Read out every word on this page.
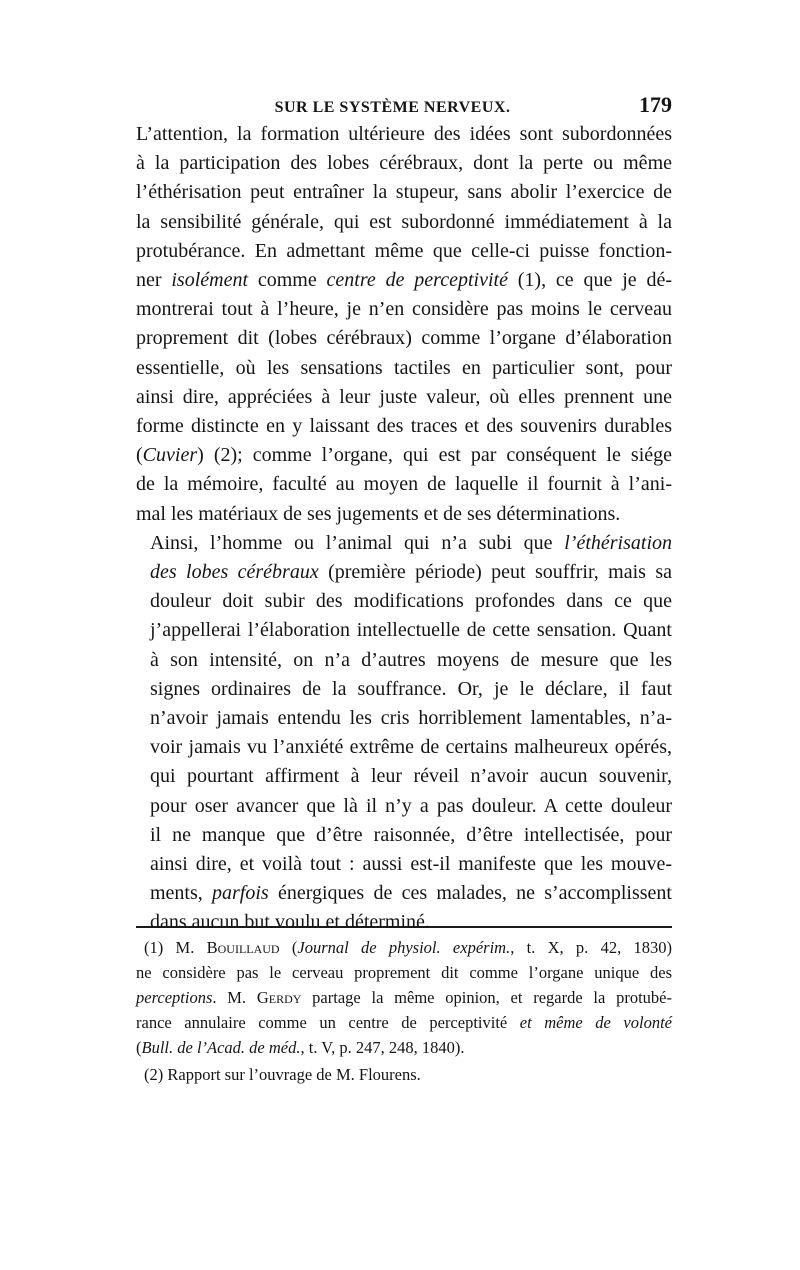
SUR LE SYSTÈME NERVEUX.	179

L’attention, la formation ultérieure des idées sont subordonnées
à la participation des lobes cérébraux, dont la perte ou même
l’éthérisation peut entraîner la stupeur, sans abolir l’exercice de
la sensibilité générale, qui est subordonné immédiatement à la
protubérance. En admettant même que celle-ci puisse fonction-
ner isolément comme centre de perceptivité (1), ce que je dé-
montrerai tout à l’heure, je n’en considère pas moins le cerveau
proprement dit (lobes cérébraux) comme l’organe d’élaboration
essentielle, où les sensations tactiles en particulier sont, pour
ainsi dire, appréciées à leur juste valeur, où elles prennent une
forme distincte en y laissant des traces et des souvenirs durables
(Cuvier) (2); comme l’organe, qui est par conséquent le siége
de la mémoire, faculté au moyen de laquelle il fournit à l’ani-
mal les matériaux de ses jugements et de ses déterminations.

Ainsi, l’homme ou l’animal qui n’a subi que l’éthérisation
des lobes cérébraux (première période) peut souffrir, mais sa
douleur doit subir des modifications profondes dans ce que
j’appellerai l’élaboration intellectuelle de cette sensation. Quant
à son intensité, on n’a d’autres moyens de mesure que les
signes ordinaires de la souffrance. Or, je le déclare, il faut
n’avoir jamais entendu les cris horriblement lamentables, n’a-
voir jamais vu l’anxiété extrême de certains malheureux opérés,
qui pourtant affirment à leur réveil n’avoir aucun souvenir,
pour oser avancer que là il n’y a pas douleur. A cette douleur
il ne manque que d’être raisonnée, d’être intellectisée, pour
ainsi dire, et voilà tout : aussi est-il manifeste que les mouve-
ments, parfois énergiques de ces malades, ne s’accomplissent
dans aucun but voulu et déterminé.

(1) M. Bouillaud (Journal de physiol. expérim., t. X, p. 42, 1830)
ne considère pas le cerveau proprement dit comme l’organe unique des
perceptions. M. Gerdy partage la même opinion, et regarde la protubé-
rance annulaire comme un centre de perceptivité et même de volonté
(Bull. de l’Acad. de méd., t. V, p. 247, 248, 1840).
(2) Rapport sur l’ouvrage de M. Flourens.
